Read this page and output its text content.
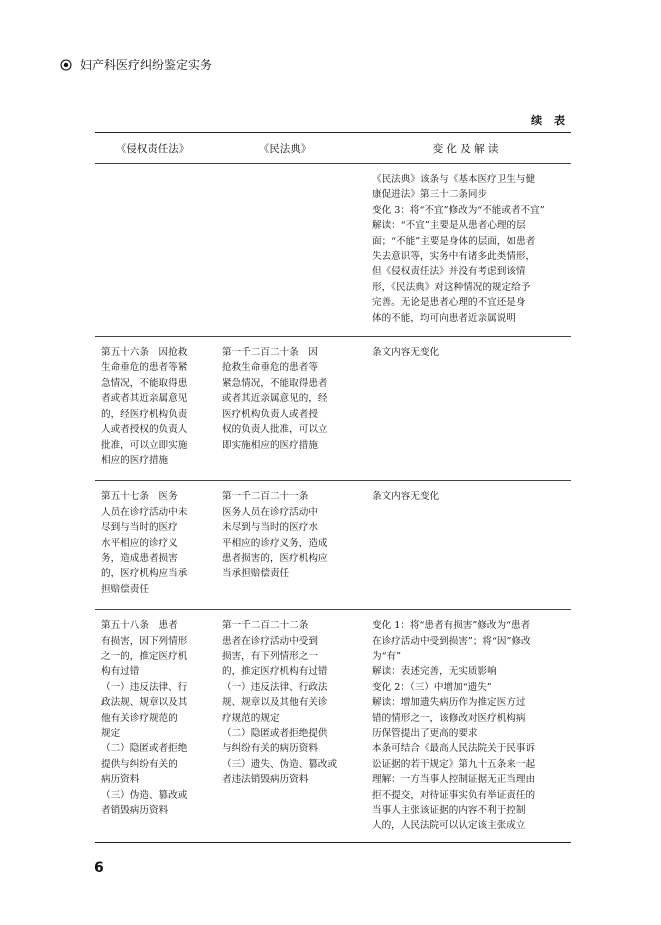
妇产科医疗纠纷鉴定实务
续 表
《侵权责任法》	《民法典》	变 化 及 解 读
《民法典》该条与《基本医疗卫生与健
康促进法》第三十二条同步
变化 3：将“不宜”修改为“不能或者不宜”
解读：“不宜”主要是从患者心理的层
面；“不能”主要是身体的层面，如患者
失去意识等，实务中有诸多此类情形，
但《侵权责任法》并没有考虑到该情
形，《民法典》对这种情况的规定给予
完善。无论是患者心理的不宜还是身
体的不能，均可向患者近亲属说明
第五十六条　因抢救
生命垂危的患者等紧
急情况，不能取得患
者或者其近亲属意见
的，经医疗机构负责
人或者授权的负责人
批准，可以立即实施
相应的医疗措施
第一千二百二十条　因
抢救生命垂危的患者等
紧急情况，不能取得患者
或者其近亲属意见的，经
医疗机构负责人或者授
权的负责人批准，可以立
即实施相应的医疗措施
条文内容无变化
第五十七条　医务
人员在诊疗活动中未
尽到与当时的医疗
水平相应的诊疗义
务，造成患者损害
的，医疗机构应当承
担赔偿责任
第一千二百二十一条
医务人员在诊疗活动中
未尽到与当时的医疗水
平相应的诊疗义务，造成
患者损害的，医疗机构应
当承担赔偿责任
条文内容无变化
第五十八条　患者
有损害，因下列情形
之一的，推定医疗机
构有过错
（一）违反法律、行
政法规、规章以及其
他有关诊疗规范的
规定
（二）隐匿或者拒绝
提供与纠纷有关的
病历资料
（三）伪造、篡改或
者销毁病历资料
第一千二百二十二条
患者在诊疗活动中受到
损害，有下列情形之一
的，推定医疗机构有过错
（一）违反法律、行政法
规、规章以及其他有关诊
疗规范的规定
（二）隐匿或者拒绝提供
与纠纷有关的病历资料
（三）遗失、伪造、篡改或
者违法销毁病历资料
变化 1：将“患者有损害”修改为“患者
在诊疗活动中受到损害”；将“因”修改
为“有”
解读：表述完善，无实质影响
变化 2：（三）中增加“遗失”
解读：增加遗失病历作为推定医方过
错的情形之一，该修改对医疗机构病
历保管提出了更高的要求
本条可结合《最高人民法院关于民事诉
讼证据的若干规定》第九十五条来一起
理解：一方当事人控制证据无正当理由
拒不提交，对待证事实负有举证责任的
当事人主张该证据的内容不利于控制
人的，人民法院可以认定该主张成立
6
